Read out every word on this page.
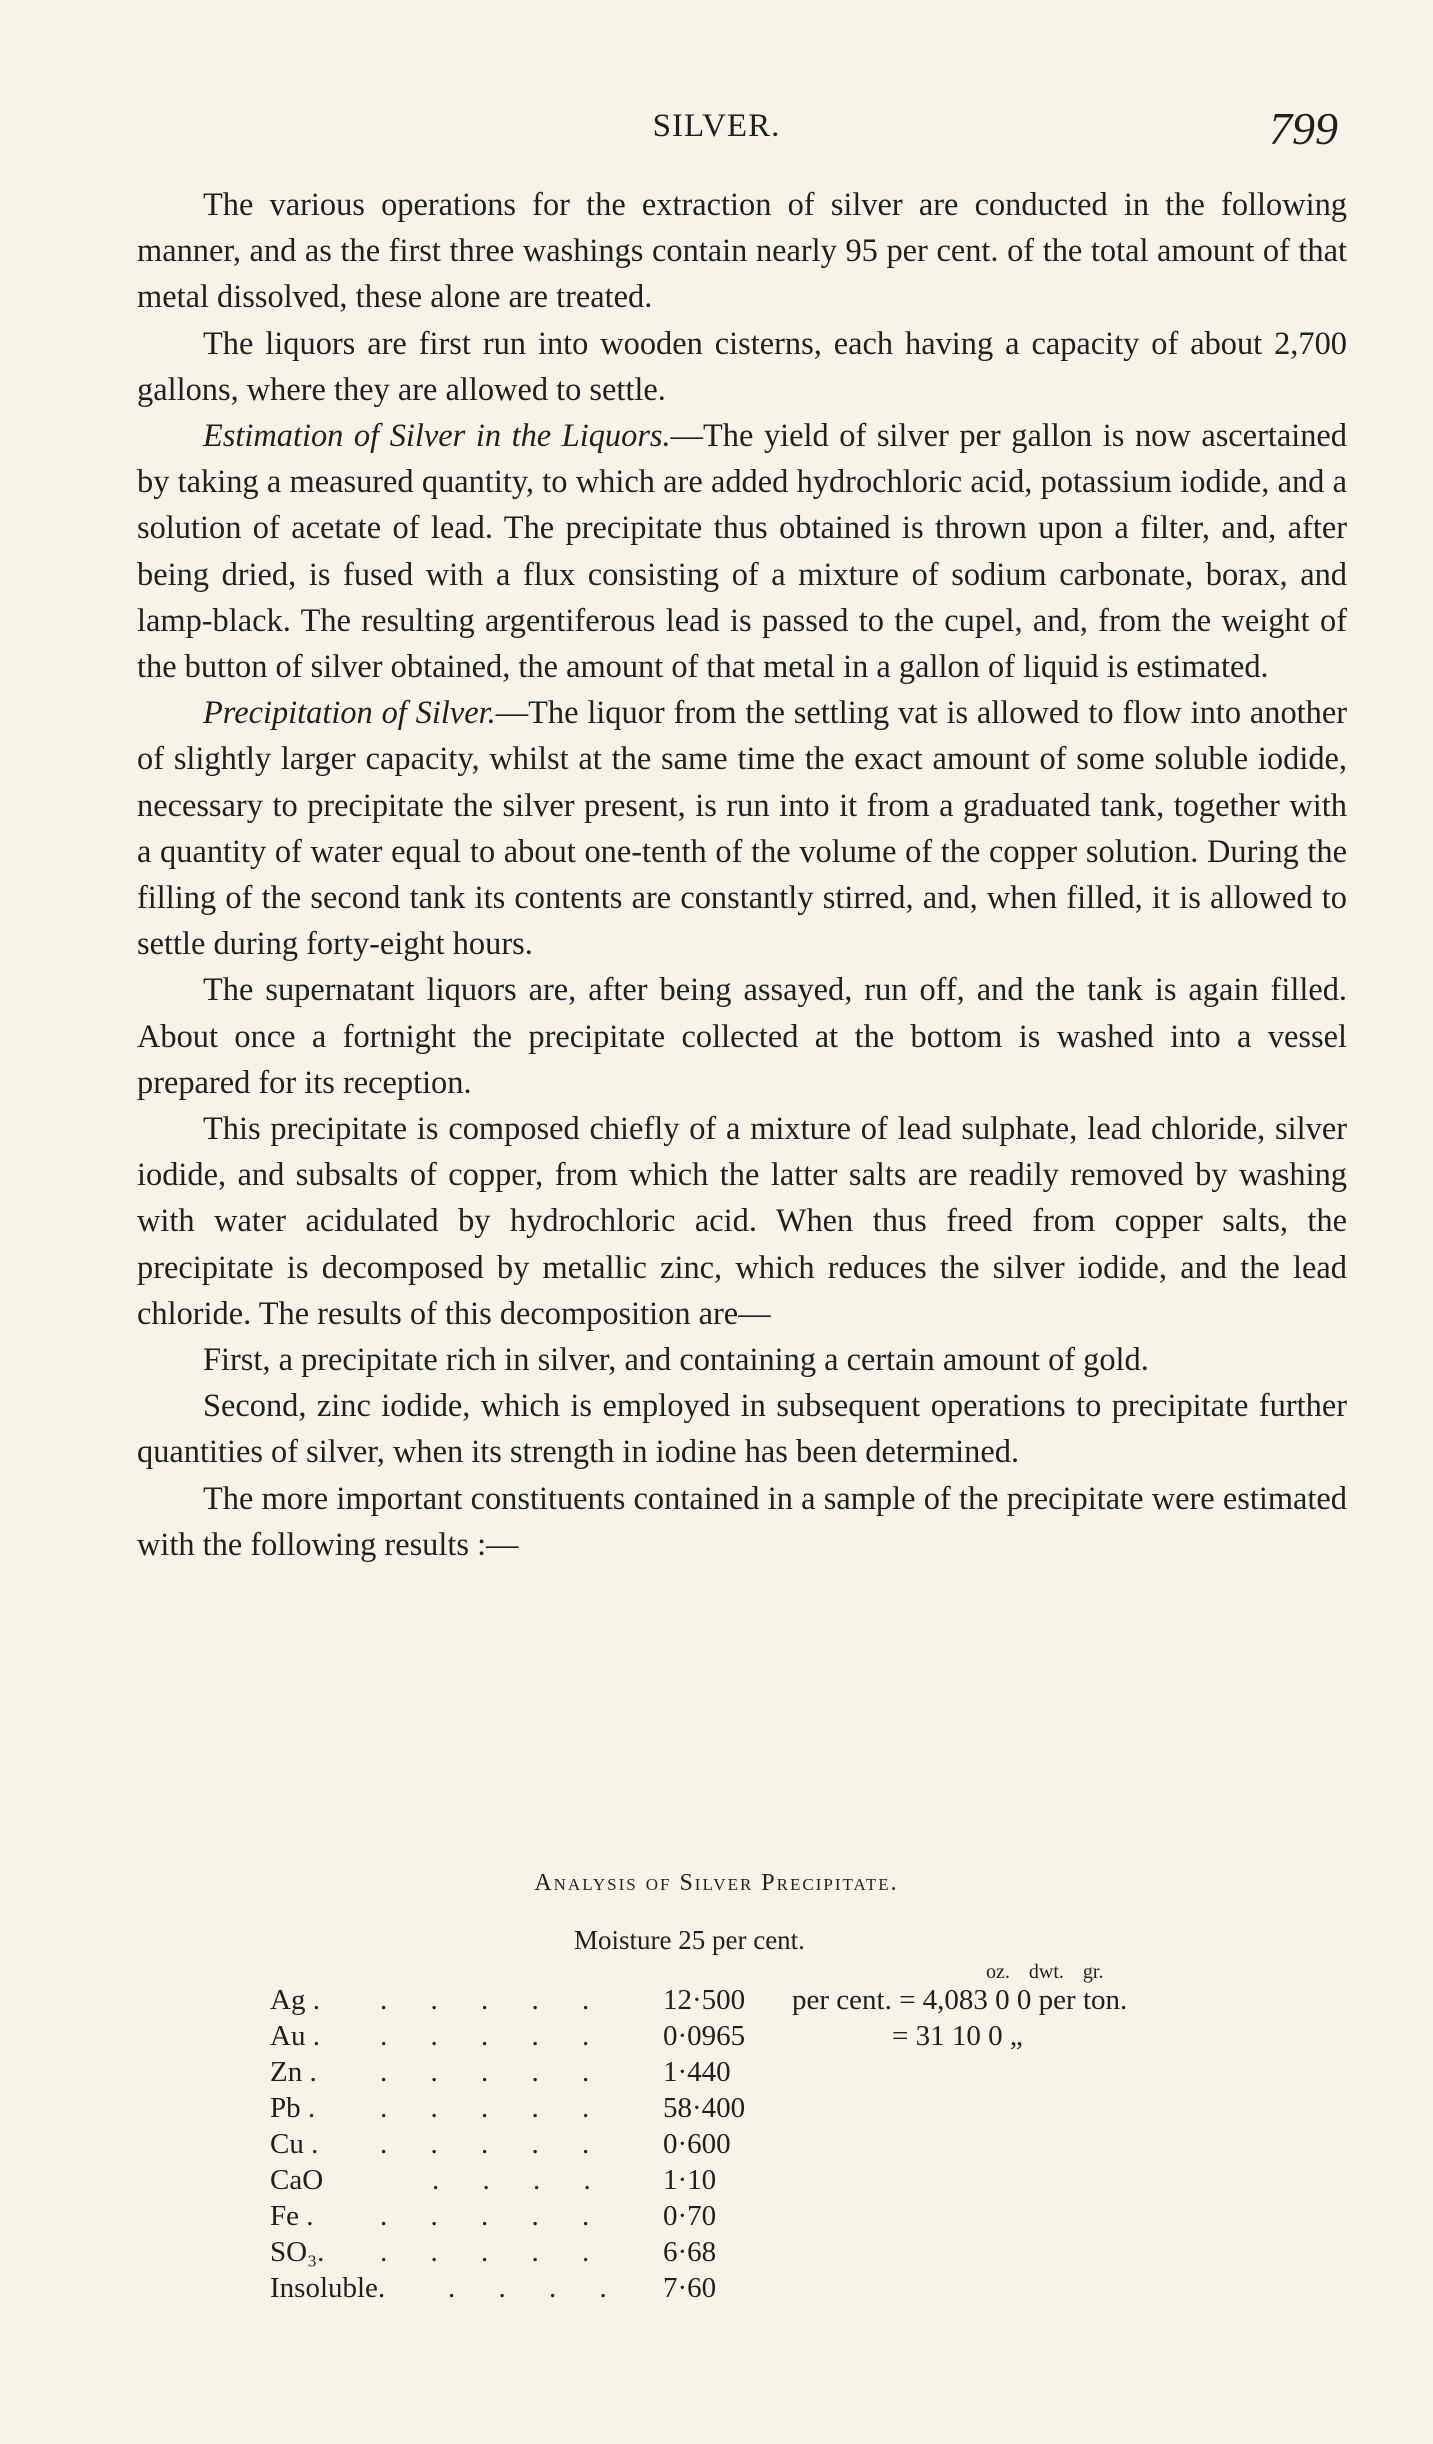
SILVER.	799

The various operations for the extraction of silver are conducted in the following manner, and as the first three washings contain nearly 95 per cent. of the total amount of that metal dissolved, these alone are treated.

The liquors are first run into wooden cisterns, each having a capacity of about 2,700 gallons, where they are allowed to settle.

Estimation of Silver in the Liquors.—The yield of silver per gallon is now ascertained by taking a measured quantity, to which are added hydrochloric acid, potassium iodide, and a solution of acetate of lead. The precipitate thus obtained is thrown upon a filter, and, after being dried, is fused with a flux consisting of a mixture of sodium carbonate, borax, and lamp-black. The resulting argentiferous lead is passed to the cupel, and, from the weight of the button of silver obtained, the amount of that metal in a gallon of liquid is estimated.

Precipitation of Silver.—The liquor from the settling vat is allowed to flow into another of slightly larger capacity, whilst at the same time the exact amount of some soluble iodide, necessary to precipitate the silver present, is run into it from a graduated tank, together with a quantity of water equal to about one-tenth of the volume of the copper solution. During the filling of the second tank its contents are constantly stirred, and, when filled, it is allowed to settle during forty-eight hours.

The supernatant liquors are, after being assayed, run off, and the tank is again filled. About once a fortnight the precipitate collected at the bottom is washed into a vessel prepared for its reception.

This precipitate is composed chiefly of a mixture of lead sulphate, lead chloride, silver iodide, and subsalts of copper, from which the latter salts are readily removed by washing with water acidulated by hydrochloric acid. When thus freed from copper salts, the precipitate is decomposed by metallic zinc, which reduces the silver iodide, and the lead chloride. The results of this decomposition are—

First, a precipitate rich in silver, and containing a certain amount of gold.

Second, zinc iodide, which is employed in subsequent operations to precipitate further quantities of silver, when its strength in iodine has been determined.

The more important constituents contained in a sample of the precipitate were estimated with the following results :—

Analysis of Silver Precipitate.
Moisture 25 per cent.
oz. dwt. gr.
Ag . . . . . . 12·500	per cent. = 4,083 0 0 per ton.
Au . . . . . . 0·0965	= 31 10 0 „
Zn . . . . . . 1·440
Pb . . . . . . 58·400
Cu . . . . . . 0·600
CaO	. . . . 1·10
Fe . . . . . . 0·70
SO₃. . . . . . 6·68
Insoluble. . . . . 7·60
